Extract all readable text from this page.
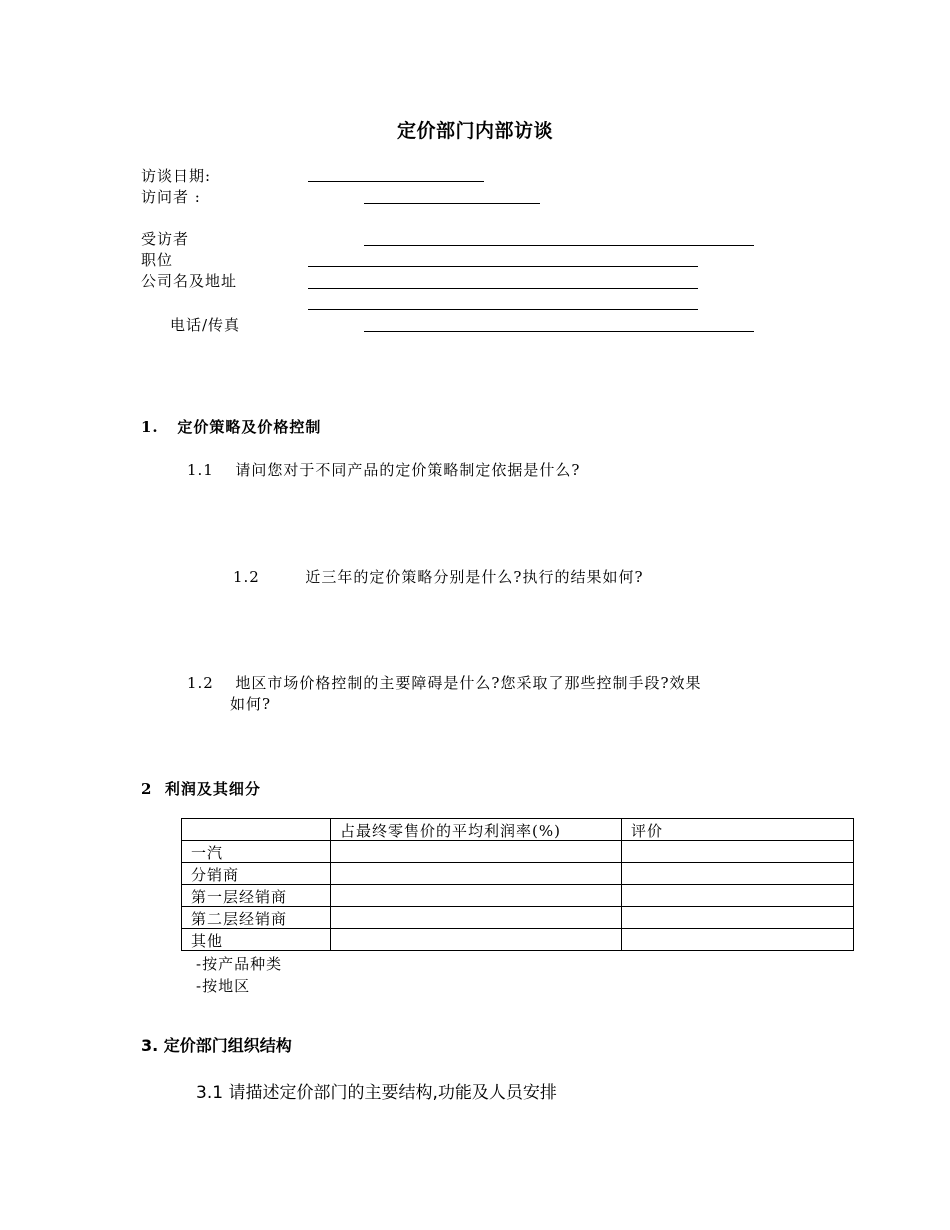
定价部门内部访谈
访谈日期:
访问者 :
受访者
职位
公司名及地址
电话/传真
1.   定价策略及价格控制
1.1 请问您对于不同产品的定价策略制定依据是什么?
1.2	近三年的定价策略分别是什么?执行的结果如何?
1.2 地区市场价格控制的主要障碍是什么?您采取了那些控制手段?效果
如何?
2  利润及其细分
	占最终零售价的平均利润率(%)	评价
一汽		
分销商		
第一层经销商		
第二层经销商		
其他		
-按产品种类
-按地区
3. 定价部门组织结构
3.1 请描述定价部门的主要结构,功能及人员安排
